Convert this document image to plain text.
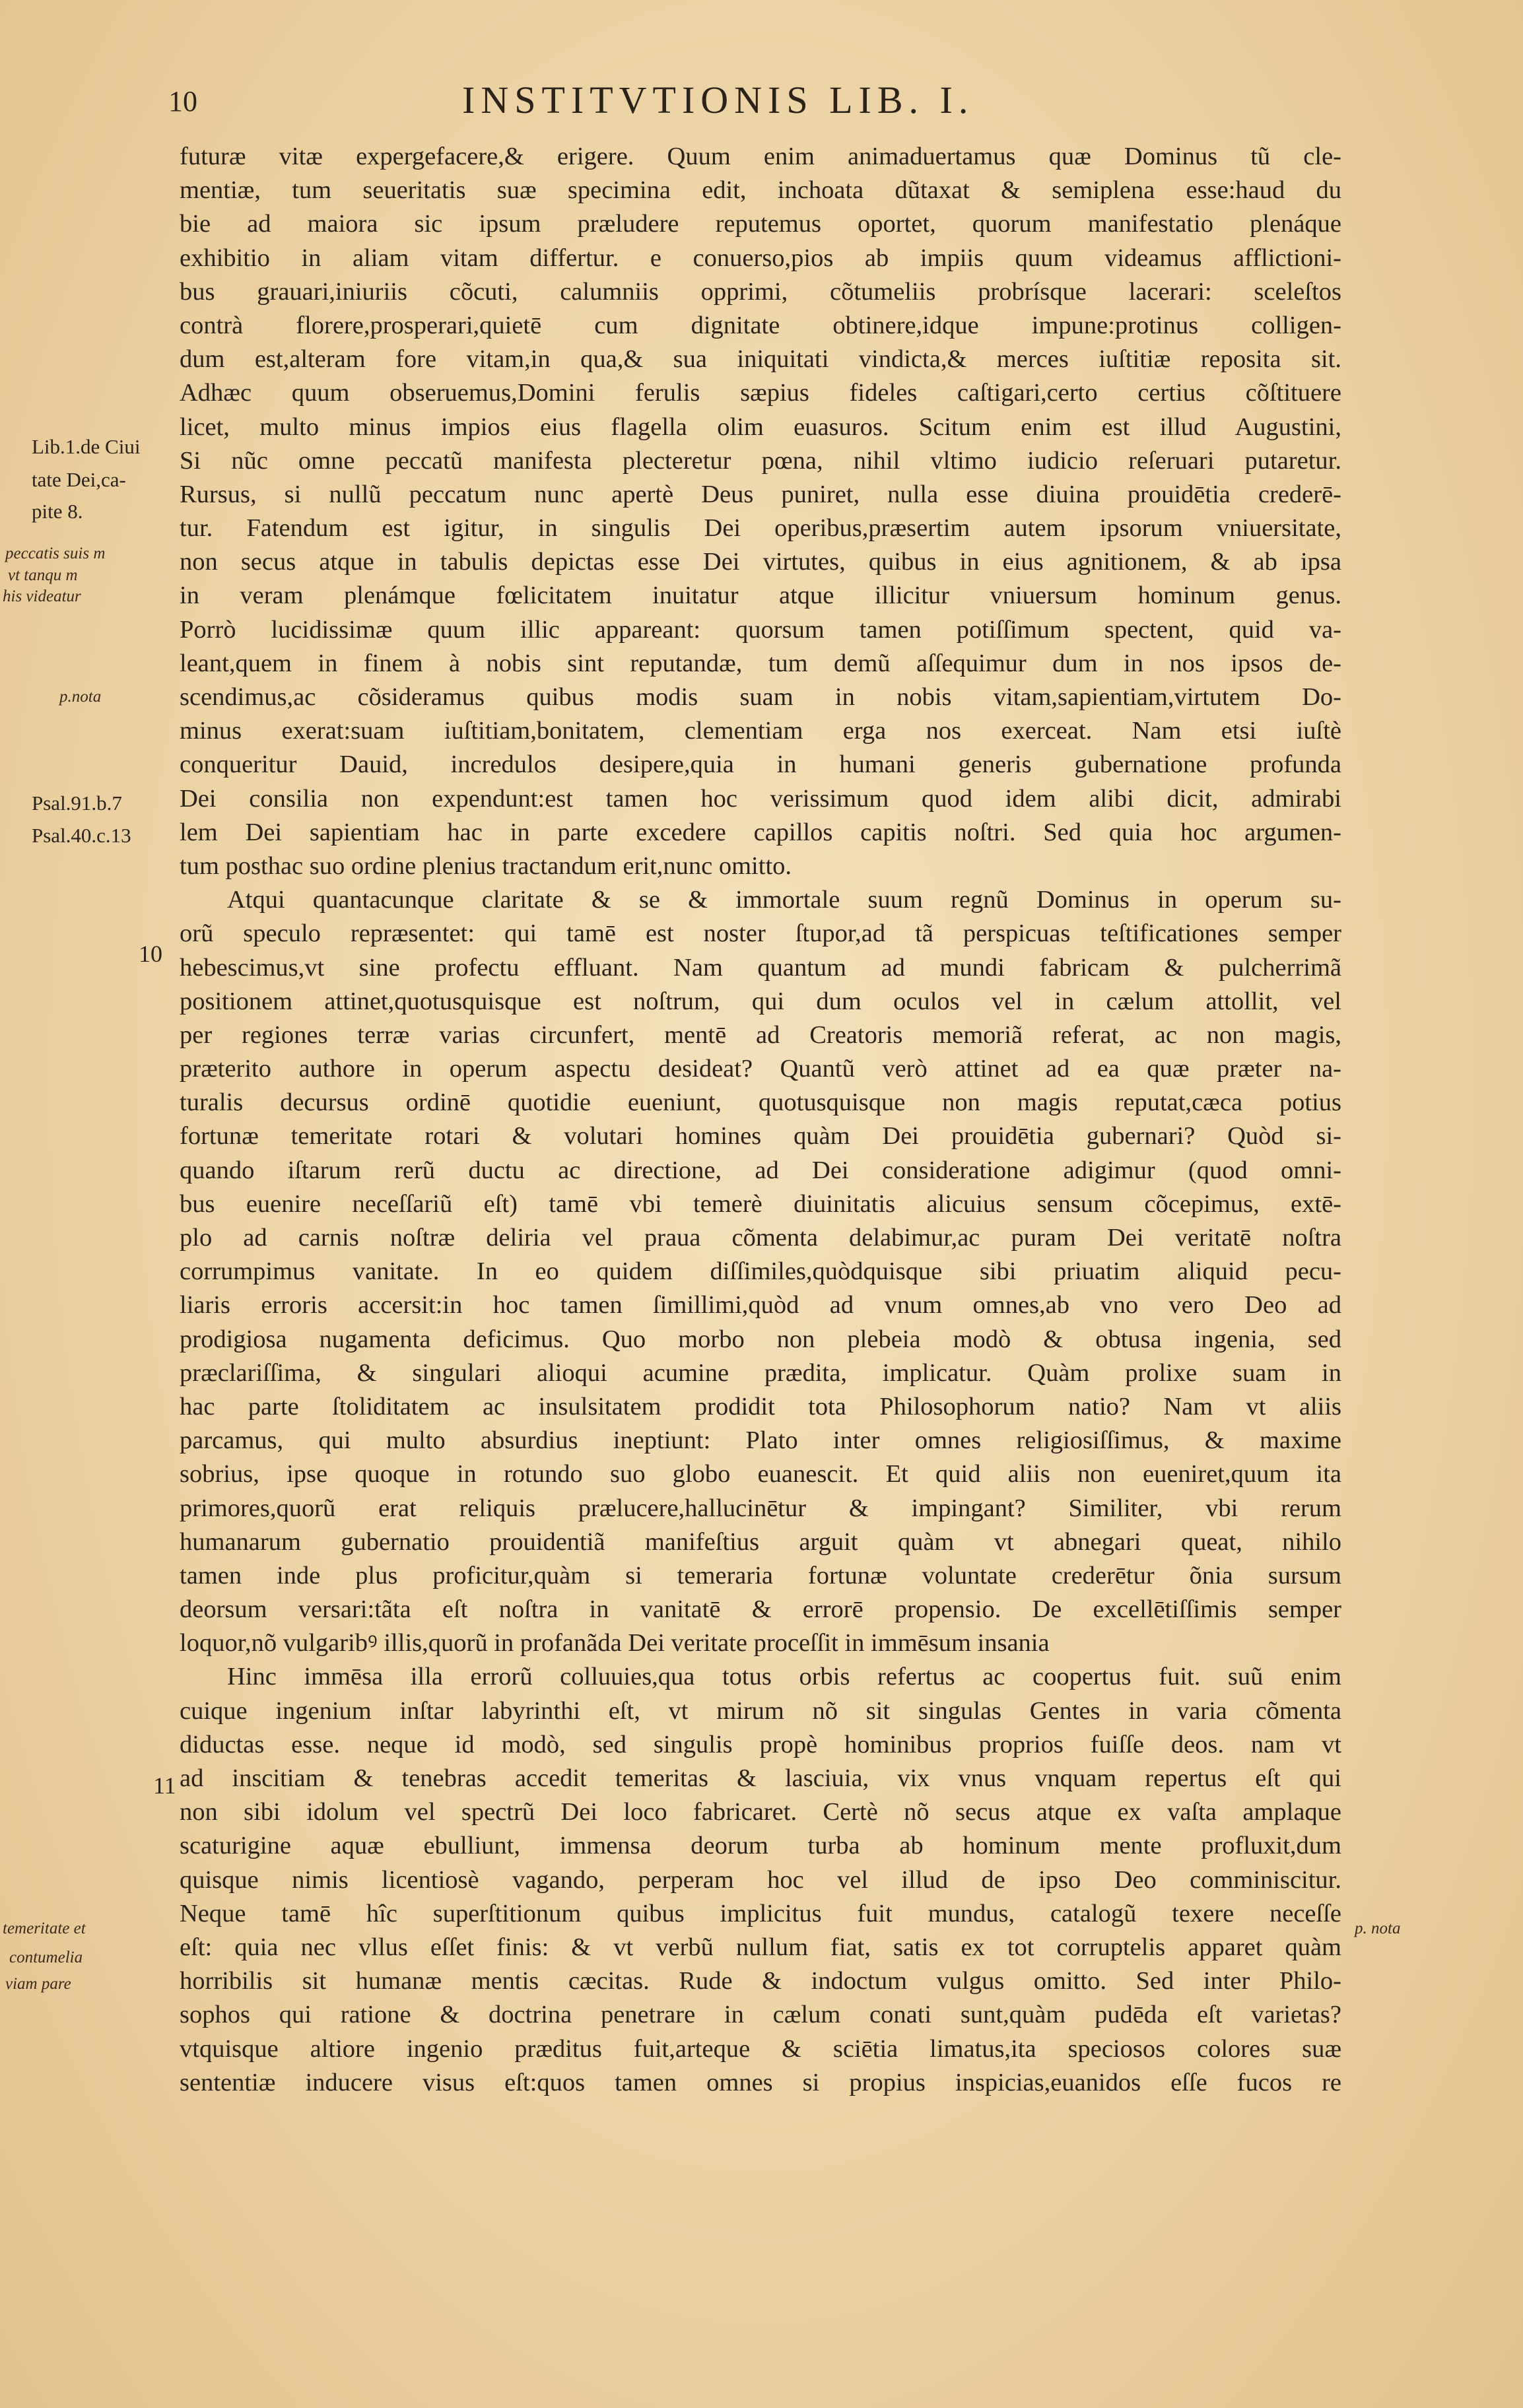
10	INSTITVTIONIS LIB. I.
Lib.1.de Ciui
tate Dei,ca-
pite 8.
Psal.91.b.7
Psal.40.c.13
peccatis suis m
vt tanqu m
his videatur
p.nota
temeritate et
contumelia
viam pare
p. nota
10
11
futuræ vitæ expergefacere,& erigere. Quum enim animaduertamus quæ Dominus tũ cle-
mentiæ, tum seueritatis suæ specimina edit, inchoata dũtaxat & semiplena esse:haud du
bie ad maiora sic ipsum præludere reputemus oportet, quorum manifestatio plenáque
exhibitio in aliam vitam differtur. e conuerso,pios ab impiis quum videamus afflictioni-
bus grauari,iniuriis cõcuti, calumniis opprimi, cõtumeliis probrísque lacerari: sceleſtos
contrà florere,prosperari,quietē cum dignitate obtinere,idque impune:protinus colligen-
dum est,alteram fore vitam,in qua,& sua iniquitati vindicta,& merces iuſtitiæ reposita sit.
Adhæc quum obseruemus,Domini ferulis sæpius fideles caſtigari,certo certius cõſtituere
licet, multo minus impios eius flagella olim euasuros. Scitum enim est illud Augustini,
Si nũc omne peccatũ manifesta plecteretur pœna, nihil vltimo iudicio reſeruari putaretur.
Rursus, si nullũ peccatum nunc apertè Deus puniret, nulla esse diuina prouidētia crederē-
tur. Fatendum est igitur, in singulis Dei operibus,præsertim autem ipsorum vniuersitate,
non secus atque in tabulis depictas esse Dei virtutes, quibus in eius agnitionem, & ab ipsa
in veram plenámque fœlicitatem inuitatur atque illicitur vniuersum hominum genus.
Porrò lucidissimæ quum illic appareant: quorsum tamen potiſſimum spectent, quid va-
leant,quem in finem à nobis sint reputandæ, tum demũ aſſequimur dum in nos ipsos de-
scendimus,ac cõsideramus quibus modis suam in nobis vitam,sapientiam,virtutem Do-
minus exerat:suam iuſtitiam,bonitatem, clementiam erga nos exerceat. Nam etsi iuſtè
conqueritur Dauid, incredulos desipere,quia in humani generis gubernatione profunda
Dei consilia non expendunt:est tamen hoc verissimum quod idem alibi dicit, admirabi
lem Dei sapientiam hac in parte excedere capillos capitis noſtri. Sed quia hoc argumen-
tum posthac suo ordine plenius tractandum erit,nunc omitto.
Atqui quantacunque claritate & se & immortale suum regnũ Dominus in operum su-
orũ speculo repræsentet: qui tamē est noster ſtupor,ad tã perspicuas teſtificationes semper
hebescimus,vt sine profectu effluant. Nam quantum ad mundi fabricam & pulcherrimã
positionem attinet,quotusquisque est noſtrum, qui dum oculos vel in cælum attollit, vel
per regiones terræ varias circunfert, mentē ad Creatoris memoriã referat, ac non magis,
præterito authore in operum aspectu desideat? Quantũ verò attinet ad ea quæ præter na-
turalis decursus ordinē quotidie eueniunt, quotusquisque non magis reputat,cæca potius
fortunæ temeritate rotari & volutari homines quàm Dei prouidētia gubernari? Quòd si-
quando iſtarum rerũ ductu ac directione, ad Dei consideratione adigimur (quod omni-
bus euenire neceſſariũ eſt) tamē vbi temerè diuinitatis alicuius sensum cõcepimus, extē-
plo ad carnis noſtræ deliria vel praua cõmenta delabimur,ac puram Dei veritatē noſtra
corrumpimus vanitate. In eo quidem diſſimiles,quòdquisque sibi priuatim aliquid pecu-
liaris erroris accersit:in hoc tamen ſimillimi,quòd ad vnum omnes,ab vno vero Deo ad
prodigiosa nugamenta deficimus. Quo morbo non plebeia modò & obtusa ingenia, sed
præclariſſima, & singulari alioqui acumine prædita, implicatur. Quàm prolixe suam in
hac parte ſtoliditatem ac insulsitatem prodidit tota Philosophorum natio? Nam vt aliis
parcamus, qui multo absurdius ineptiunt: Plato inter omnes religiosiſſimus, & maxime
sobrius, ipse quoque in rotundo suo globo euanescit. Et quid aliis non eueniret,quum ita
primores,quorũ erat reliquis prælucere,hallucinētur & impingant? Similiter, vbi rerum
humanarum gubernatio prouidentiã manifeſtius arguit quàm vt abnegari queat, nihilo
tamen inde plus proficitur,quàm si temeraria fortunæ voluntate crederētur õnia sursum
deorsum versari:tãta eſt noſtra in vanitatē & errorē propensio. De excellētiſſimis semper
loquor,nõ vulgaribꝰ illis,quorũ in profanãda Dei veritate proceſſit in immēsum insania
Hinc immēsa illa errorũ colluuies,qua totus orbis refertus ac coopertus fuit. suũ enim
cuique ingenium inſtar labyrinthi eſt, vt mirum nõ sit singulas Gentes in varia cõmenta
diductas esse. neque id modò, sed singulis propè hominibus proprios fuiſſe deos. nam vt
ad inscitiam & tenebras accedit temeritas & lasciuia, vix vnus vnquam repertus eſt qui
non sibi idolum vel spectrũ Dei loco fabricaret. Certè nõ secus atque ex vaſta amplaque
scaturigine aquæ ebulliunt, immensa deorum turba ab hominum mente profluxit,dum
quisque nimis licentiosè vagando, perperam hoc vel illud de ipso Deo comminiscitur.
Neque tamē hîc superſtitionum quibus implicitus fuit mundus, catalogũ texere neceſſe
eſt: quia nec vllus eſſet finis: & vt verbũ nullum fiat, satis ex tot corruptelis apparet quàm
horribilis sit humanæ mentis cæcitas. Rude & indoctum vulgus omitto. Sed inter Philo-
sophos qui ratione & doctrina penetrare in cælum conati sunt,quàm pudēda eſt varietas?
vtquisque altiore ingenio præditus fuit,arteque & sciētia limatus,ita speciosos colores suæ
sententiæ inducere visus eſt:quos tamen omnes si propius inspicias,euanidos eſſe fucos re
